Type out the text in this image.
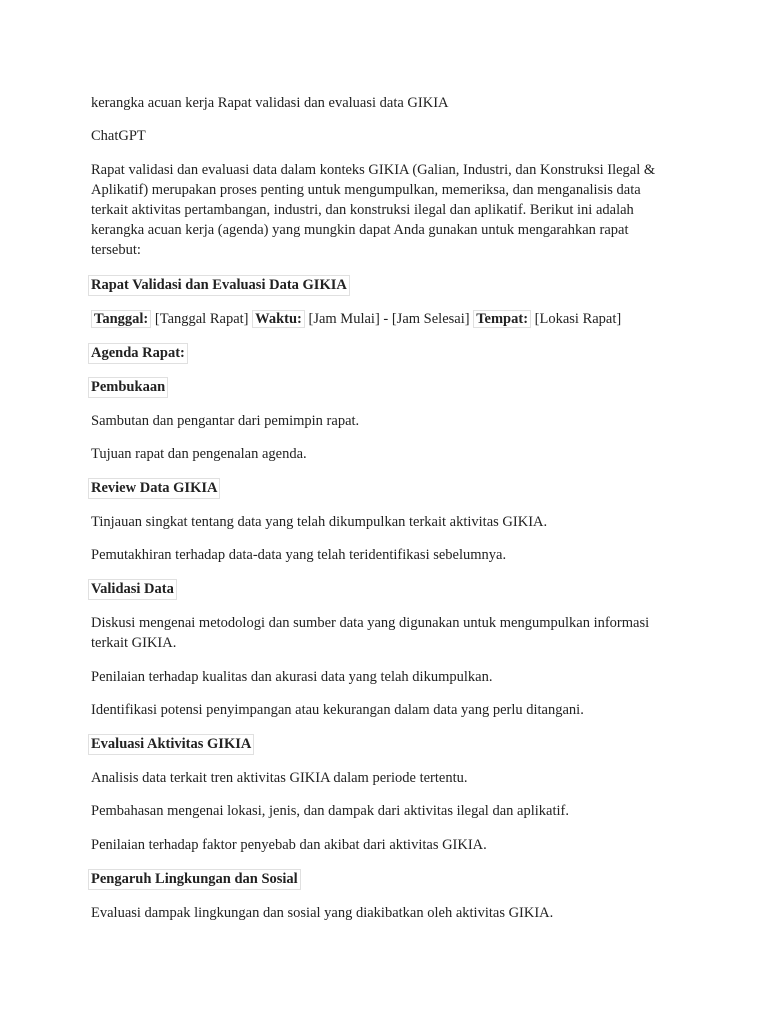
kerangka acuan kerja Rapat validasi dan evaluasi data GIKIA

ChatGPT

Rapat validasi dan evaluasi data dalam konteks GIKIA (Galian, Industri, dan Konstruksi Ilegal & Aplikatif) merupakan proses penting untuk mengumpulkan, memeriksa, dan menganalisis data terkait aktivitas pertambangan, industri, dan konstruksi ilegal dan aplikatif. Berikut ini adalah kerangka acuan kerja (agenda) yang mungkin dapat Anda gunakan untuk mengarahkan rapat tersebut:

Rapat Validasi dan Evaluasi Data GIKIA

Tanggal: [Tanggal Rapat] Waktu: [Jam Mulai] - [Jam Selesai] Tempat: [Lokasi Rapat]

Agenda Rapat:

Pembukaan

Sambutan dan pengantar dari pemimpin rapat.

Tujuan rapat dan pengenalan agenda.

Review Data GIKIA

Tinjauan singkat tentang data yang telah dikumpulkan terkait aktivitas GIKIA.

Pemutakhiran terhadap data-data yang telah teridentifikasi sebelumnya.

Validasi Data

Diskusi mengenai metodologi dan sumber data yang digunakan untuk mengumpulkan informasi terkait GIKIA.

Penilaian terhadap kualitas dan akurasi data yang telah dikumpulkan.

Identifikasi potensi penyimpangan atau kekurangan dalam data yang perlu ditangani.

Evaluasi Aktivitas GIKIA

Analisis data terkait tren aktivitas GIKIA dalam periode tertentu.

Pembahasan mengenai lokasi, jenis, dan dampak dari aktivitas ilegal dan aplikatif.

Penilaian terhadap faktor penyebab dan akibat dari aktivitas GIKIA.

Pengaruh Lingkungan dan Sosial

Evaluasi dampak lingkungan dan sosial yang diakibatkan oleh aktivitas GIKIA.
